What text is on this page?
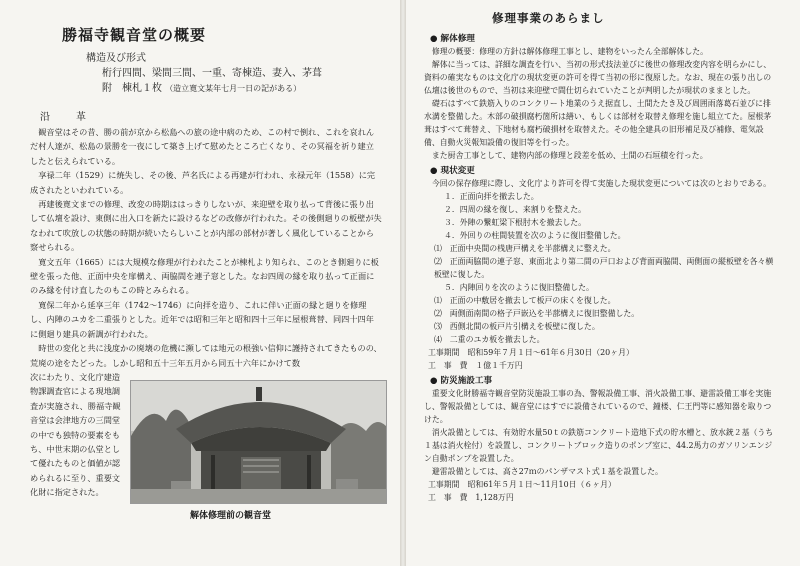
勝福寺観音堂の概要
構造及び形式
桁行四間、梁間三間、一重、寄棟造、妻入、茅葺
附　棟札１枚 （造立寛文某年七月一日の記がある）
沿　革

観音堂はその昔、勝の前が京から松島への旅の途中病のため、この村で倒れ、これを哀れんだ村人達が、松島の景勝を一夜にして築き上げて慰めたところ亡くなり、その冥福を祈り建立したと伝えられている。

享禄二年（1529）に焼失し、その後、芦名氏による再建が行われ、永禄元年（1558）に完成されたといわれている。

再建後寛文までの修理、改変の時期ははっきりしないが、来迎壁を取り払って背後に張り出して仏壇を設け、東側に出入口を新たに設けるなどの改修が行われた。その後側廻りの板壁が失なわれて吹放しの状態の時期が続いたらしいことが内部の部材が著しく風化していることから察せられる。

寛文五年（1665）には大規模な修理が行われたことが棟札より知られ、このとき側廻りに板壁を張った他、正面中央を扉構え、両脇間を連子窓とした。なお四周の縁を取り払って正面にのみ縁を付け直したのもこの時とみられる。

寛保二年から延享三年（1742～1746）に向拝を造り、これに伴い正面の縁と廻りを修理し、内陣のユカを二重張りとした。近年では昭和三年と昭和四十三年に屋根葺替、同四十四年に側廻り建具の新調が行われた。

時世の変化と共に浅度かの廃壊の危機に瀕しては地元の根強い信仰に護持されてきたものの、荒廃の途をたどった。しかし昭和五十三年五月から同五十六年にかけて数

次にわたり、文化庁建造物課調査官による現地調査が実施され、勝福寺観音堂は会津地方の三間堂の中でも独特の要素をもち、中世末期の仏堂として優れたものと価値が認められるに至り、重要文化財に指定された。
解体修理前の観音堂
修理事業のあらまし
● 解体修理

修理の概要：修理の方針は解体修理工事とし、建物をいったん全部解体した。

解体に当っては、詳細な調査を行い、当初の形式技法並びに後世の修理改変内容を明らかにし、資料の確実なものは文化庁の現状変更の許可を得て当初の形に復原した。なお、現在の張り出しの仏壇は後世のもので、当初は来迎壁で間仕切られていたことが判明したが現状のままとした。

礎石はすべて鉄筋入りのコンクリート地業のうえ据直し、土間たたき及び周囲雨落葛石並びに排水溝を整備した。木部の破損腐朽箇所は繕い、もしくは部材を取替え修理を施し組立てた。屋根茅葺はすべて葺替え、下地材も腐朽破損材を取替えた。その他全建具の旧形補足及び補修、電気設備、自動火災報知設備の復旧等を行った。

また厨舎工事として、建物内部の修理と段差を低め、土間の石垣積を行った。

● 現状変更

今回の保存修理に際し、文化庁より許可を得て実施した現状変更については次のとおりである。

１．正面向拝を撤去した。
２．四周の縁を復し、来割りを整えた。
３．外陣の繋虹梁下根肘木を撤去した。
４．外回りの柱間装置を次のように復旧整備した。
⑴　正面中央間の桟唐戸構えを半蔀構えに整えた。
⑵　正面両脇間の連子窓、東面北より第二間の戸口および背面両脇間、両側面の縦板壁を各々横板壁に復した。
５．内陣回りを次のように復旧整備した。
⑴　正面の中敷居を撤去して板戸の床くを復した。
⑵　両側面南間の格子戸嵌込を半蔀構えに復旧整備した。
⑶　西側北間の板戸片引構えを板壁に復した。
⑷　二重のユカ板を撤去した。
工事期間　昭和59年７月１日～61年６月30日（20ヶ月）
工　事　費　１億１千万円
● 防災施設工事

重要文化財勝福寺観音堂防災施設工事の為、警報設備工事、消火設備工事、避雷設備工事を実施し、警報設備としては、観音堂にはすでに設備されているので、鐘楼、仁王門等に感知器を取りつけた。

消火設備としては、有効貯水量50ｔの鉄筋コンクリート造地下式の貯水槽と、放水銃２基（うち１基は消火栓付）を設置し、コンクリートブロック造りのポンプ室に、44.2馬力のガソリンエンジン自動ポンプを設置した。

避雷設備としては、高さ27ｍのパンザマスト式１基を設置した。

工事期間　昭和61年５月１日～11月10日（６ヶ月）
工　事　費　1,128万円
